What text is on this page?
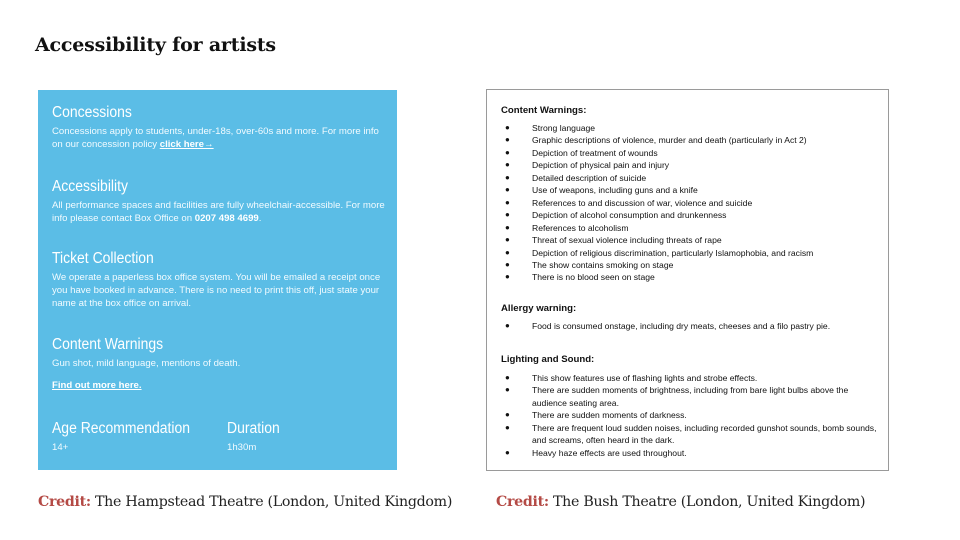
Accessibility for artists
Concessions

Concessions apply to students, under-18s, over-60s and more. For more info on our concession policy click here→

Accessibility

All performance spaces and facilities are fully wheelchair-accessible. For more info please contact Box Office on 0207 498 4699.

Ticket Collection

We operate a paperless box office system. You will be emailed a receipt once you have booked in advance. There is no need to print this off, just state your name at the box office on arrival.

Content Warnings

Gun shot, mild language, mentions of death.

Find out more here.
Age Recommendation
14+
Duration
1h30m
Content Warnings:
●	Strong language
●	Graphic descriptions of violence, murder and death (particularly in Act 2)
●	Depiction of treatment of wounds
●	Depiction of physical pain and injury
●	Detailed description of suicide
●	Use of weapons, including guns and a knife
●	References to and discussion of war, violence and suicide
●	Depiction of alcohol consumption and drunkenness
●	References to alcoholism
●	Threat of sexual violence including threats of rape
●	Depiction of religious discrimination, particularly Islamophobia, and racism
●	The show contains smoking on stage
●	There is no blood seen on stage
Allergy warning:
●	Food is consumed onstage, including dry meats, cheeses and a filo pastry pie.
Lighting and Sound:
●	This show features use of flashing lights and strobe effects.
●	There are sudden moments of brightness, including from bare light bulbs above the audience seating area.
●	There are sudden moments of darkness.
●	There are frequent loud sudden noises, including recorded gunshot sounds, bomb sounds, and screams, often heard in the dark.
●	Heavy haze effects are used throughout.
Credit: The Hampstead Theatre (London, United Kingdom)	Credit: The Bush Theatre (London, United Kingdom)
